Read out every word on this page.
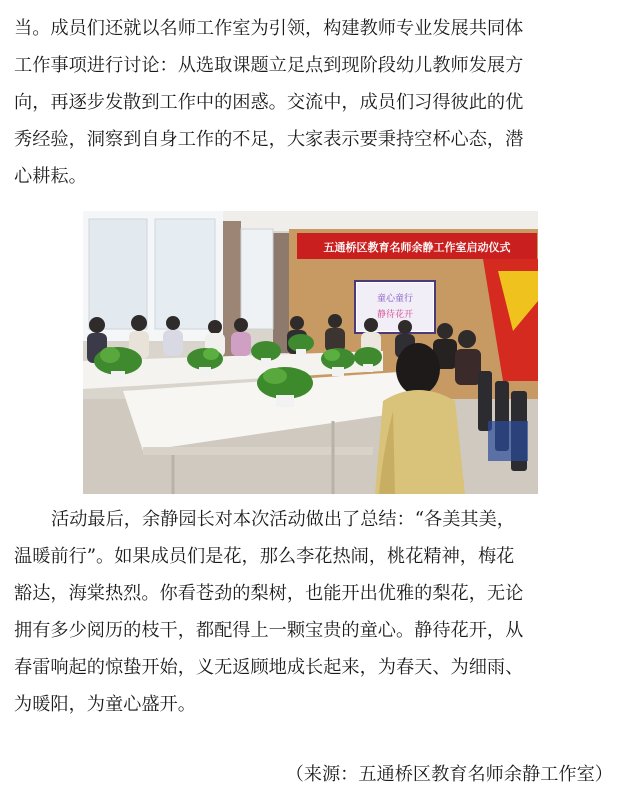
当。成员们还就以名师工作室为引领，构建教师专业发展共同体
工作事项进行讨论：从选取课题立足点到现阶段幼儿教师发展方
向，再逐步发散到工作中的困惑。交流中，成员们习得彼此的优
秀经验，洞察到自身工作的不足，大家表示要秉持空杯心态，潜
心耕耘。
五通桥区教育名师余静工作室启动仪式
童心童行
静待花开
活动最后，余静园长对本次活动做出了总结：“各美其美，
温暖前行”。如果成员们是花，那么李花热闹，桃花精神，梅花
豁达，海棠热烈。你看苍劲的梨树，也能开出优雅的梨花，无论
拥有多少阅历的枝干，都配得上一颗宝贵的童心。静待花开，从
春雷响起的惊蛰开始，义无返顾地成长起来，为春天、为细雨、
为暖阳，为童心盛开。
（来源：五通桥区教育名师余静工作室）
